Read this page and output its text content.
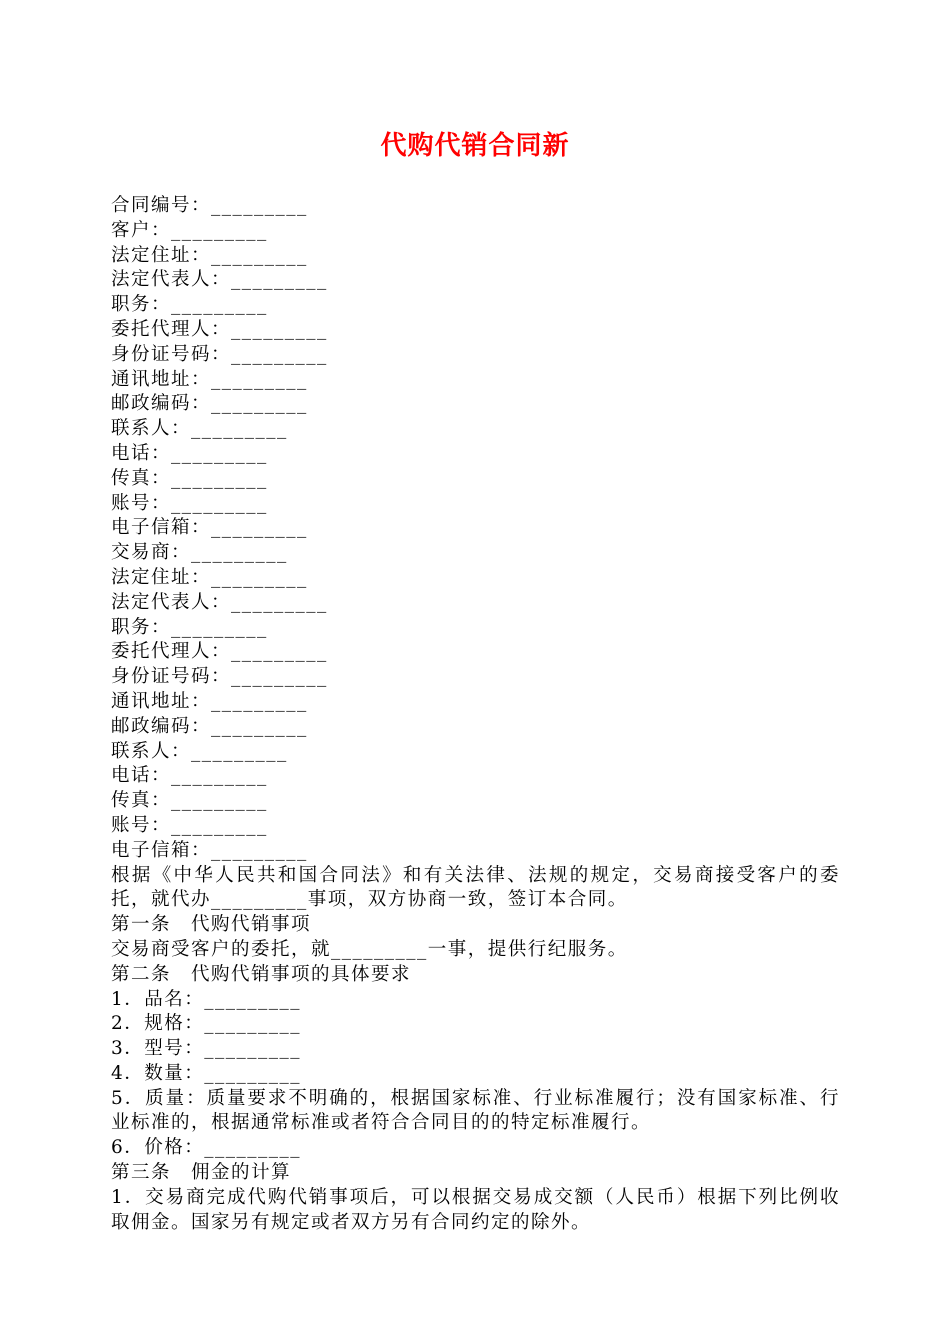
代购代销合同新
合同编号：_________
客户：_________
法定住址：_________
法定代表人：_________
职务：_________
委托代理人：_________
身份证号码：_________
通讯地址：_________
邮政编码：_________
联系人：_________
电话：_________
传真：_________
账号：_________
电子信箱：_________
交易商：_________
法定住址：_________
法定代表人：_________
职务：_________
委托代理人：_________
身份证号码：_________
通讯地址：_________
邮政编码：_________
联系人：_________
电话：_________
传真：_________
账号：_________
电子信箱：_________
根据《中华人民共和国合同法》和有关法律、法规的规定，交易商接受客户的委托，就代办_________事项，双方协商一致，签订本合同。
第一条　代购代销事项
交易商受客户的委托，就_________一事，提供行纪服务。
第二条　代购代销事项的具体要求
1．品名：_________
2．规格：_________
3．型号：_________
4．数量：_________
5．质量：质量要求不明确的，根据国家标准、行业标准履行；没有国家标准、行业标准的，根据通常标准或者符合合同目的的特定标准履行。
6．价格：_________
第三条　佣金的计算
1．交易商完成代购代销事项后，可以根据交易成交额（人民币）根据下列比例收取佣金。国家另有规定或者双方另有合同约定的除外。
